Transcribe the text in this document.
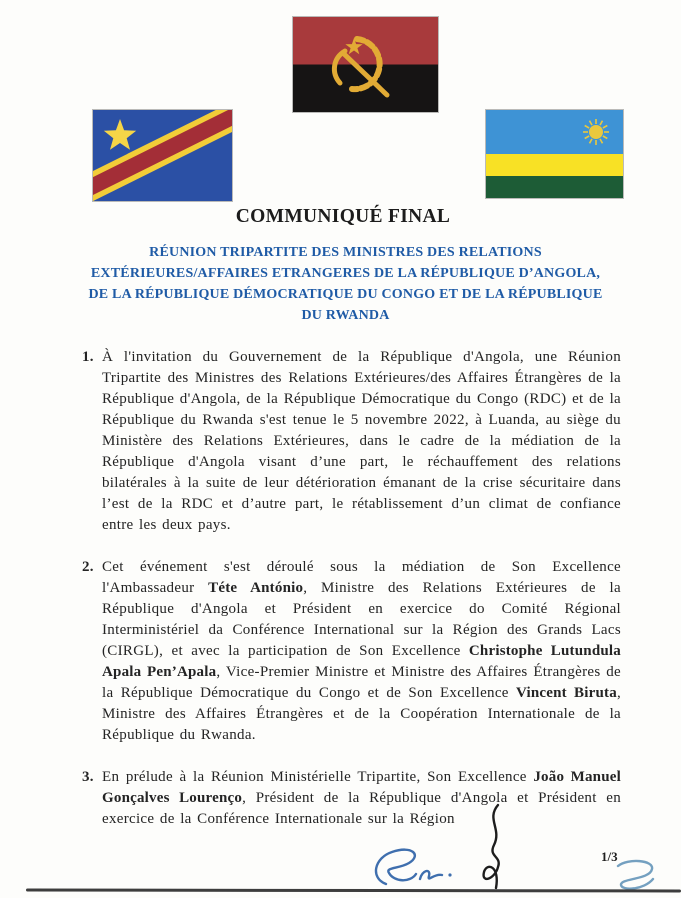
COMMUNIQUÉ FINAL
RÉUNION TRIPARTITE DES MINISTRES DES RELATIONS
EXTÉRIEURES/AFFAIRES ETRANGERES DE LA RÉPUBLIQUE D’ANGOLA,
DE LA RÉPUBLIQUE DÉMOCRATIQUE DU CONGO ET DE LA RÉPUBLIQUE
DU RWANDA
1. À l'invitation du Gouvernement de la République d'Angola, une Réunion Tripartite des Ministres des Relations Extérieures/des Affaires Étrangères de la République d'Angola, de la République Démocratique du Congo (RDC) et de la République du Rwanda s'est tenue le 5 novembre 2022, à Luanda, au siège du Ministère des Relations Extérieures, dans le cadre de la médiation de la République d'Angola visant d’une part, le réchauffement des relations bilatérales à la suite de leur détérioration émanant de la crise sécuritaire dans l’est de la RDC et d’autre part, le rétablissement d’un climat de confiance entre les deux pays.
2. Cet événement s'est déroulé sous la médiation de Son Excellence l'Ambassadeur Téte António, Ministre des Relations Extérieures de la République d'Angola et Président en exercice do Comité Régional Interministériel da Conférence International sur la Région des Grands Lacs (CIRGL), et avec la participation de Son Excellence Christophe Lutundula Apala Pen’Apala, Vice-Premier Ministre et Ministre des Affaires Étrangères de la République Démocratique du Congo et de Son Excellence Vincent Biruta, Ministre des Affaires Étrangères et de la Coopération Internationale de la République du Rwanda.
3. En prélude à la Réunion Ministérielle Tripartite, Son Excellence João Manuel Gonçalves Lourenço, Président de la République d'Angola et Président en exercice de la Conférence Internationale sur la Région
1/3
